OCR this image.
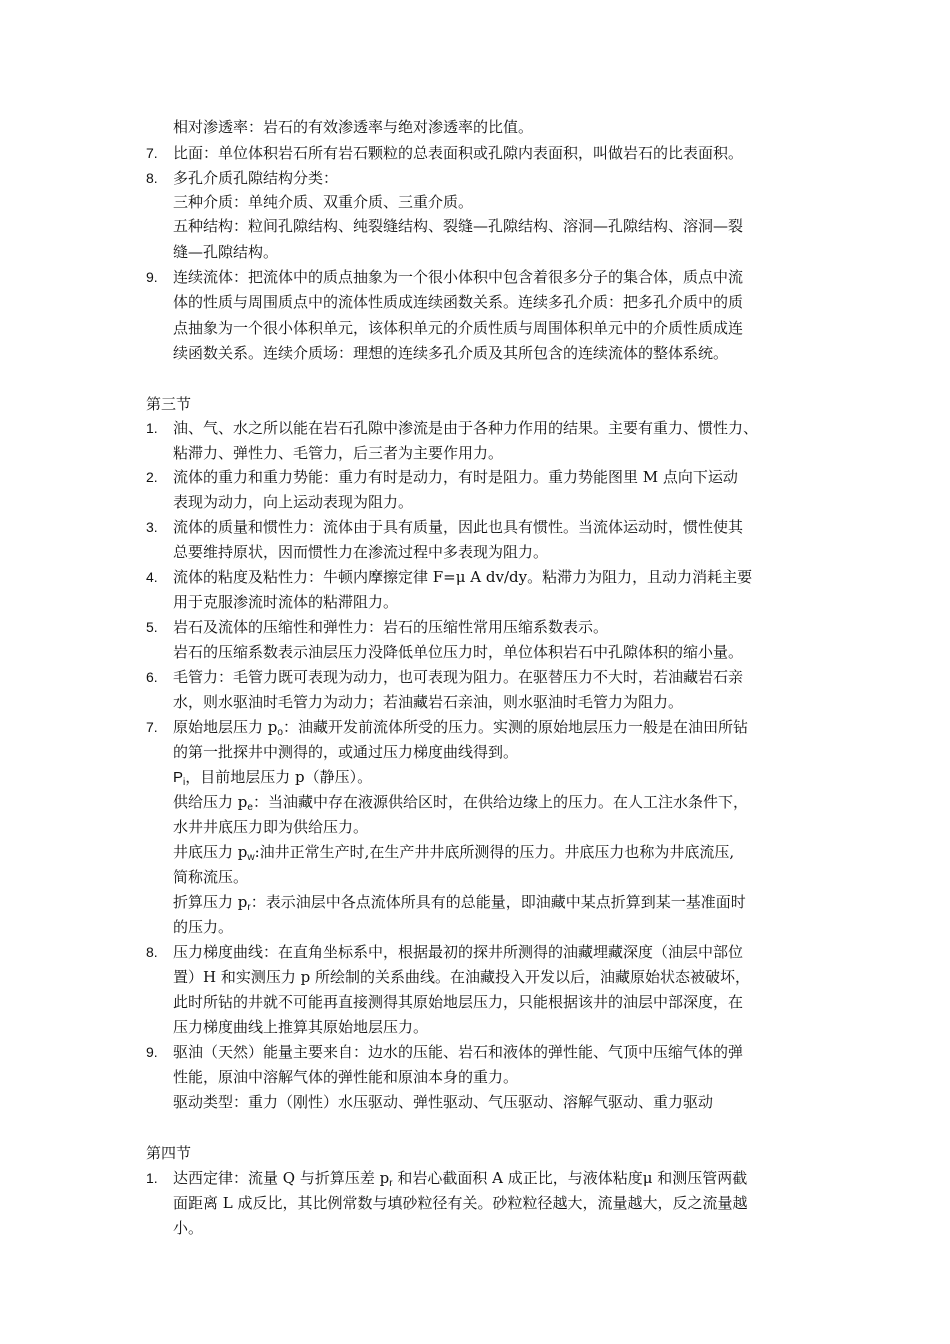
相对渗透率：岩石的有效渗透率与绝对渗透率的比值。
7. 比面：单位体积岩石所有岩石颗粒的总表面积或孔隙内表面积，叫做岩石的比表面积。
8. 多孔介质孔隙结构分类：
三种介质：单纯介质、双重介质、三重介质。
五种结构：粒间孔隙结构、纯裂缝结构、裂缝—孔隙结构、溶洞—孔隙结构、溶洞—裂
缝—孔隙结构。
9. 连续流体：把流体中的质点抽象为一个很小体积中包含着很多分子的集合体，质点中流
体的性质与周围质点中的流体性质成连续函数关系。连续多孔介质：把多孔介质中的质
点抽象为一个很小体积单元，该体积单元的介质性质与周围体积单元中的介质性质成连
续函数关系。连续介质场：理想的连续多孔介质及其所包含的连续流体的整体系统。
第三节
1. 油、气、水之所以能在岩石孔隙中渗流是由于各种力作用的结果。主要有重力、惯性力、
粘滞力、弹性力、毛管力，后三者为主要作用力。
2. 流体的重力和重力势能：重力有时是动力，有时是阻力。重力势能图里 M 点向下运动
表现为动力，向上运动表现为阻力。
3. 流体的质量和惯性力：流体由于具有质量，因此也具有惯性。当流体运动时，惯性使其
总要维持原状，因而惯性力在渗流过程中多表现为阻力。
4. 流体的粘度及粘性力：牛顿内摩擦定律 F=μ A dv/dy。粘滞力为阻力，且动力消耗主要
用于克服渗流时流体的粘滞阻力。
5. 岩石及流体的压缩性和弹性力：岩石的压缩性常用压缩系数表示。
岩石的压缩系数表示油层压力没降低单位压力时，单位体积岩石中孔隙体积的缩小量。
6. 毛管力：毛管力既可表现为动力，也可表现为阻力。在驱替压力不大时，若油藏岩石亲
水，则水驱油时毛管力为动力；若油藏岩石亲油，则水驱油时毛管力为阻力。
7. 原始地层压力 $p_o$：油藏开发前流体所受的压力。实测的原始地层压力一般是在油田所钻
的第一批探井中测得的，或通过压力梯度曲线得到。
$P_i$，目前地层压力 p（静压）。
供给压力 $p_e$：当油藏中存在液源供给区时，在供给边缘上的压力。在人工注水条件下，
水井井底压力即为供给压力。
井底压力 $p_w$:油井正常生产时,在生产井井底所测得的压力。井底压力也称为井底流压,
简称流压。
折算压力 $p_r$：表示油层中各点流体所具有的总能量，即油藏中某点折算到某一基准面时
的压力。
8. 压力梯度曲线：在直角坐标系中，根据最初的探井所测得的油藏埋藏深度（油层中部位
置）H 和实测压力 p 所绘制的关系曲线。在油藏投入开发以后，油藏原始状态被破坏，
此时所钻的井就不可能再直接测得其原始地层压力，只能根据该井的油层中部深度，在
压力梯度曲线上推算其原始地层压力。
9. 驱油（天然）能量主要来自：边水的压能、岩石和液体的弹性能、气顶中压缩气体的弹
性能，原油中溶解气体的弹性能和原油本身的重力。
驱动类型：重力（刚性）水压驱动、弹性驱动、气压驱动、溶解气驱动、重力驱动
第四节
1. 达西定律：流量 Q 与折算压差 $p_r$ 和岩心截面积 A 成正比，与液体粘度μ 和测压管两截
面距离 L 成反比，其比例常数与填砂粒径有关。砂粒粒径越大，流量越大，反之流量越
小。
